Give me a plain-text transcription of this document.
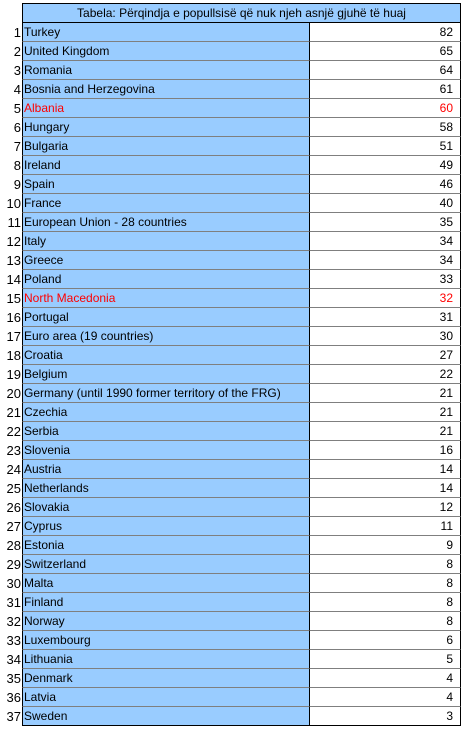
Tabela: Përqindja e popullsisë që nuk njeh asnjë gjuhë të huaj
1 Turkey	82
2 United Kingdom	65
3 Romania	64
4 Bosnia and Herzegovina	61
5 Albania	60
6 Hungary	58
7 Bulgaria	51
8 Ireland	49
9 Spain	46
10 France	40
11 European Union - 28 countries	35
12 Italy	34
13 Greece	34
14 Poland	33
15 North Macedonia	32
16 Portugal	31
17 Euro area (19 countries)	30
18 Croatia	27
19 Belgium	22
20 Germany (until 1990 former territory of the FRG)	21
21 Czechia	21
22 Serbia	21
23 Slovenia	16
24 Austria	14
25 Netherlands	14
26 Slovakia	12
27 Cyprus	11
28 Estonia	9
29 Switzerland	8
30 Malta	8
31 Finland	8
32 Norway	8
33 Luxembourg	6
34 Lithuania	5
35 Denmark	4
36 Latvia	4
37 Sweden	3
